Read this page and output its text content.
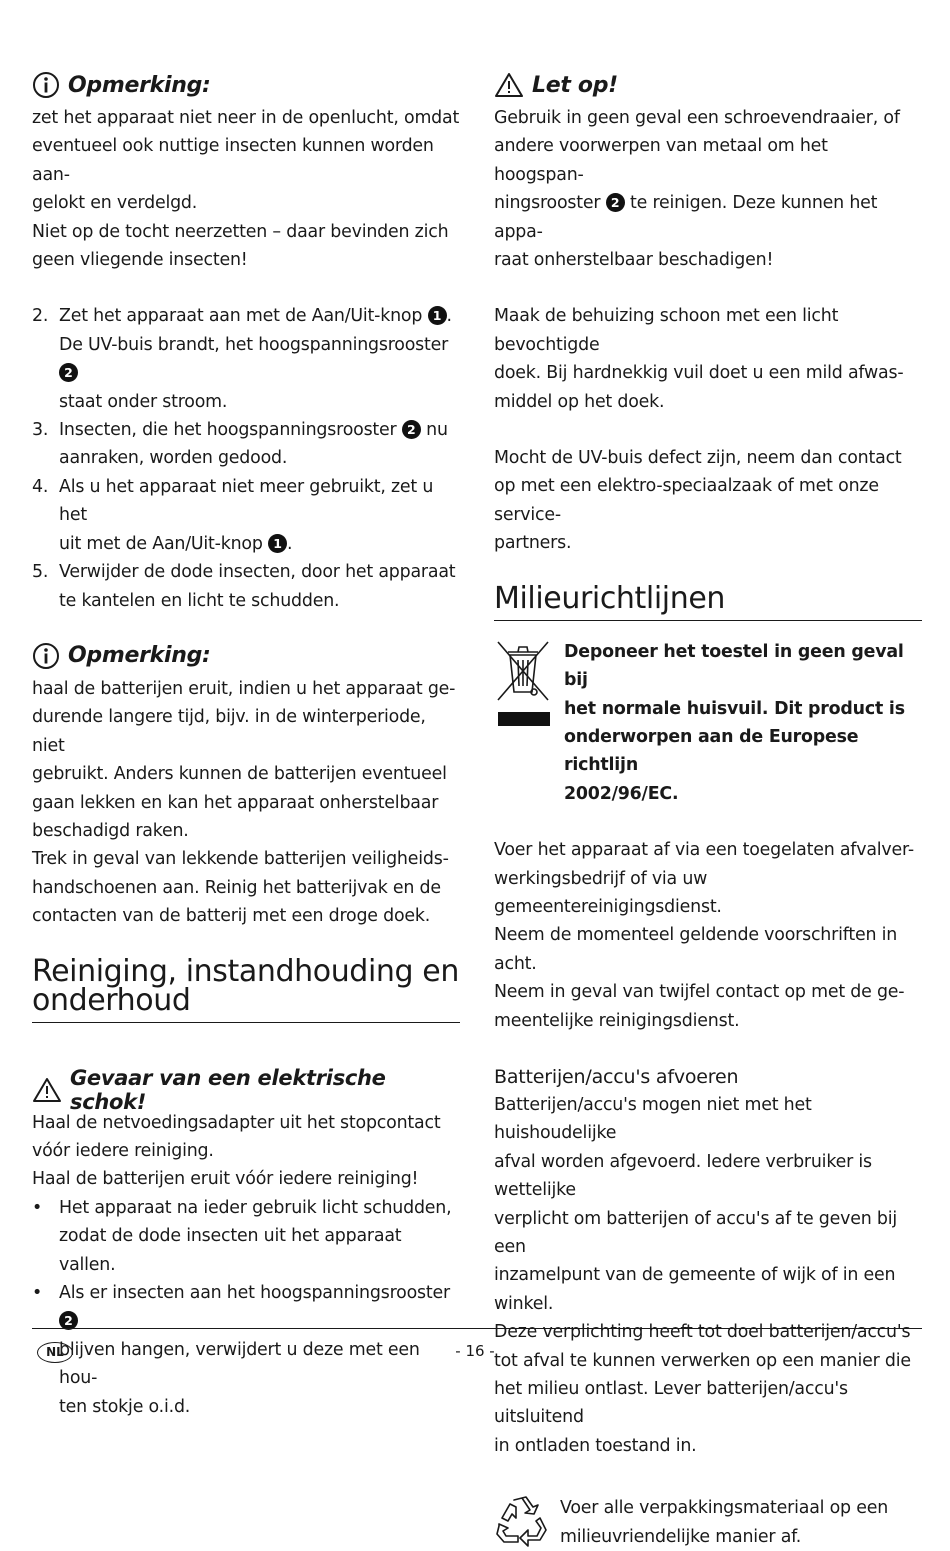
Opmerking:

zet het apparaat niet neer in de openlucht, omdat

eventueel ook nuttige insecten kunnen worden aan-

gelokt en verdelgd.

Niet op de tocht neerzetten – daar bevinden zich

geen vliegende insecten!

2. Zet het apparaat aan met de Aan/Uit-knop 1 .
De UV-buis brandt, het hoogspanningsrooster 2
staat onder stroom.
3. Insecten, die het hoogspanningsrooster 2 nu
aanraken, worden gedood.
4. Als u het apparaat niet meer gebruikt, zet u het
uit met de Aan/Uit-knop 1 .
5. Verwijder de dode insecten, door het apparaat
te kantelen en licht te schudden.
Opmerking:

haal de batterijen eruit, indien u het apparaat ge-

durende langere tijd, bijv. in de winterperiode, niet

gebruikt. Anders kunnen de batterijen eventueel

gaan lekken en kan het apparaat onherstelbaar

beschadigd raken.

Trek in geval van lekkende batterijen veiligheids-

handschoenen aan. Reinig het batterijvak en de

contacten van de batterij met een droge doek.

Reiniging, instandhouding en
onderhoud
Gevaar van een elektrische schok!

Haal de netvoedingsadapter uit het stopcontact

vóór iedere reiniging.

Haal de batterijen eruit vóór iedere reiniging!

• Het apparaat na ieder gebruik licht schudden,
zodat de dode insecten uit het apparaat vallen.
• Als er insecten aan het hoogspanningsrooster 2
blijven hangen, verwijdert u deze met een hou-
ten stokje o.i.d.
Let op!

Gebruik in geen geval een schroevendraaier, of

andere voorwerpen van metaal om het hoogspan-

ningsrooster 2 te reinigen. Deze kunnen het appa-

raat onherstelbaar beschadigen!

Maak de behuizing schoon met een licht bevochtigde

doek. Bij hardnekkig vuil doet u een mild afwas-

middel op het doek.

Mocht de UV-buis defect zijn, neem dan contact

op met een elektro-speciaalzaak of met onze service-

partners.

Milieurichtlijnen
Deponeer het toestel in geen geval bij
het normale huisvuil. Dit product is
onderworpen aan de Europese richtlijn
2002/96/EC.

Voer het apparaat af via een toegelaten afvalver-

werkingsbedrijf of via uw gemeentereinigingsdienst.

Neem de momenteel geldende voorschriften in

acht.

Neem in geval van twijfel contact op met de ge-

meentelijke reinigingsdienst.

Batterijen/accu's afvoeren

Batterijen/accu's mogen niet met het huishoudelijke

afval worden afgevoerd. Iedere verbruiker is wettelijke

verplicht om batterijen of accu's af te geven bij een

inzamelpunt van de gemeente of wijk of in een winkel.

Deze verplichting heeft tot doel batterijen/accu's

tot afval te kunnen verwerken op een manier die

het milieu ontlast. Lever batterijen/accu's uitsluitend

in ontladen toestand in.

Voer alle verpakkingsmateriaal op een

milieuvriendelijke manier af.

NL	- 16 -
